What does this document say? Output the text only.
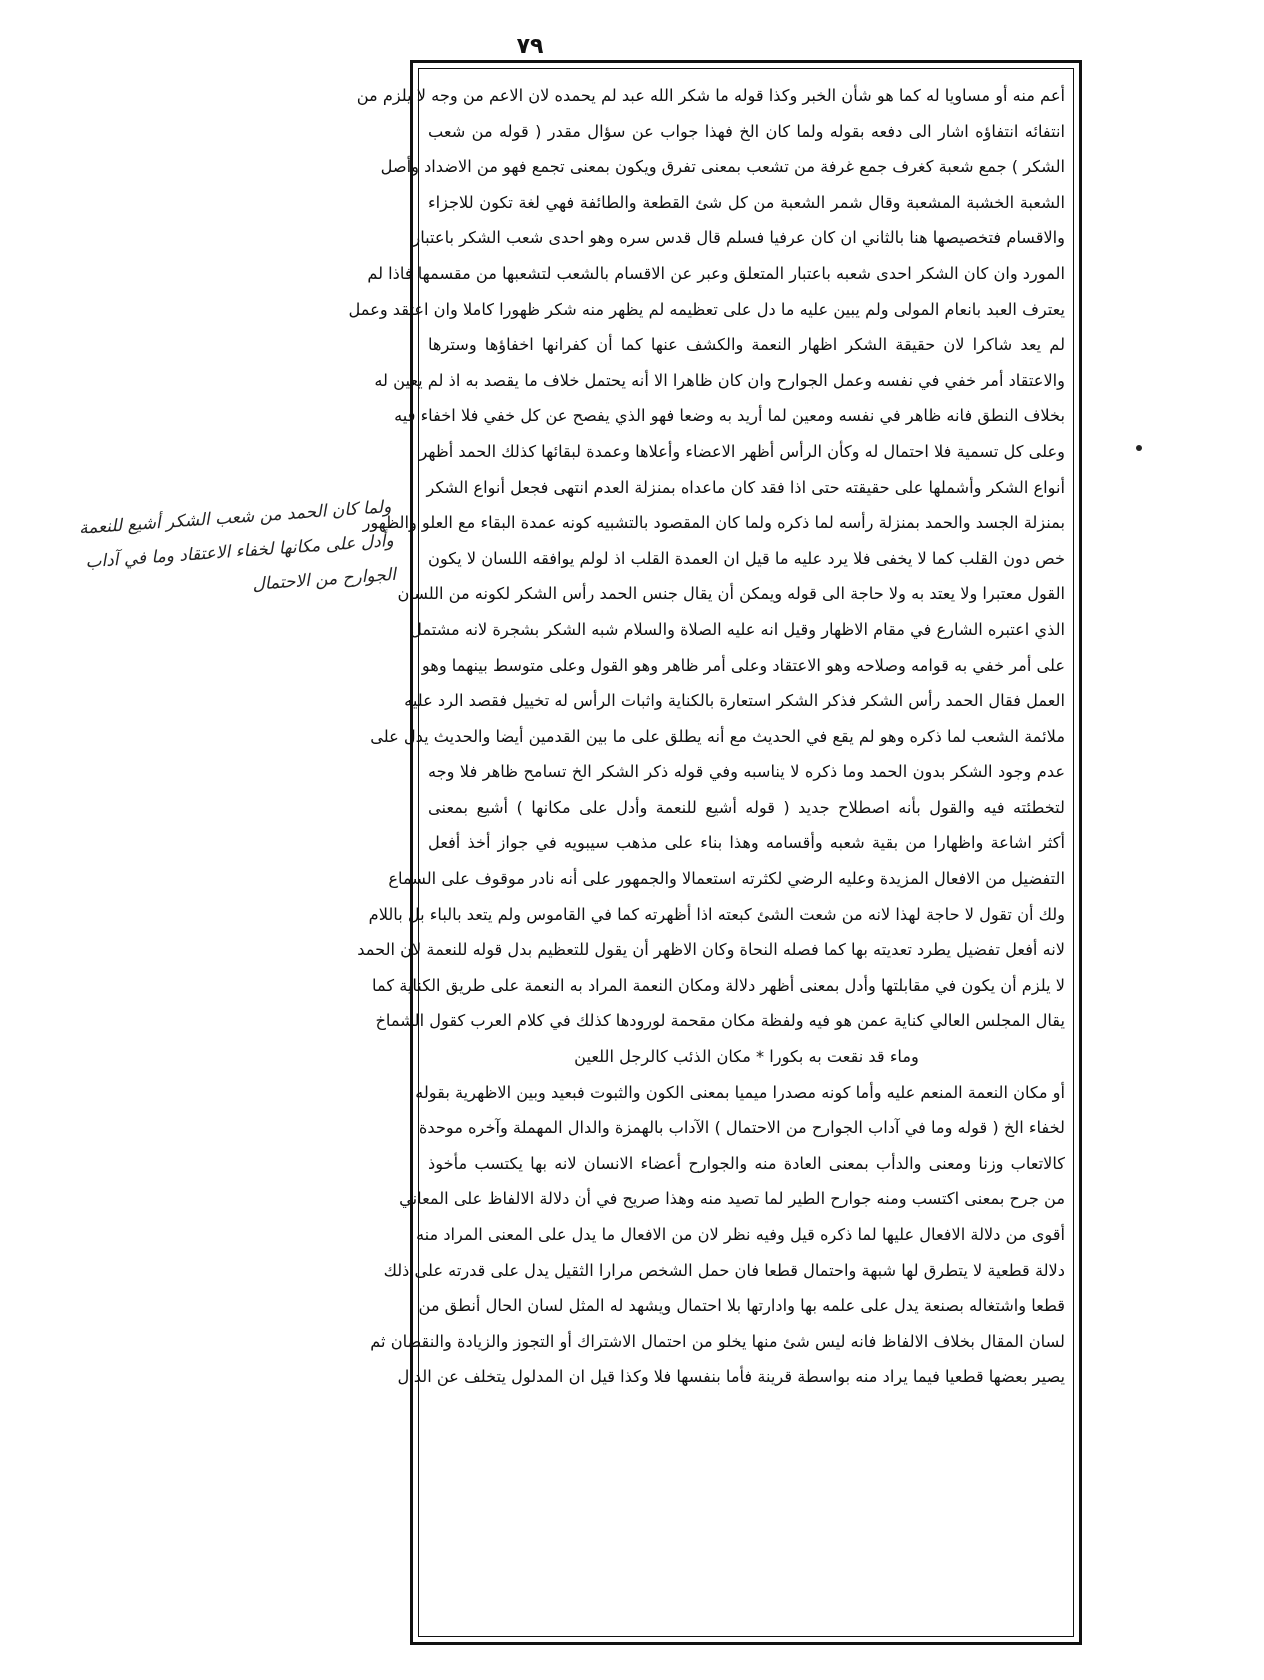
٧٩
أعم منه أو مساويا له كما هو شأن الخبر وكذا قوله ما شكر الله عبد لم يحمده لان الاعم من وجه لا يلزم من
انتفائه انتفاؤه اشار الى دفعه بقوله ولما كان الخ فهذا جواب عن سؤال مقدر ( قوله من شعب
الشكر ) جمع شعبة كغرف جمع غرفة من تشعب بمعنى تفرق ويكون بمعنى تجمع فهو من الاضداد وأصل
الشعبة الخشبة المشعبة وقال شمر الشعبة من كل شئ القطعة والطائفة فهي لغة تكون للاجزاء
والاقسام فتخصيصها هنا بالثاني ان كان عرفيا فسلم قال قدس سره وهو احدى شعب الشكر باعتبار
المورد وان كان الشكر احدى شعبه باعتبار المتعلق وعبر عن الاقسام بالشعب لتشعبها من مقسمها فاذا لم
يعترف العبد بانعام المولى ولم يبين عليه ما دل على تعظيمه لم يظهر منه شكر ظهورا كاملا وان اعتقد وعمل
لم يعد شاكرا لان حقيقة الشكر اظهار النعمة والكشف عنها كما أن كفرانها اخفاؤها وسترها
والاعتقاد أمر خفي في نفسه وعمل الجوارح وان كان ظاهرا الا أنه يحتمل خلاف ما يقصد به اذ لم يعين له
بخلاف النطق فانه ظاهر في نفسه ومعين لما أريد به وضعا فهو الذي يفصح عن كل خفي فلا اخفاء فيه
وعلى كل تسمية فلا احتمال له وكأن الرأس أظهر الاعضاء وأعلاها وعمدة لبقائها كذلك الحمد أظهر
أنواع الشكر وأشملها على حقيقته حتى اذا فقد كان ماعداه بمنزلة العدم انتهى فجعل أنواع الشكر
بمنزلة الجسد والحمد بمنزلة رأسه لما ذكره ولما كان المقصود بالتشبيه كونه عمدة البقاء مع العلو والظهور
خص دون القلب كما لا يخفى فلا يرد عليه ما قيل ان العمدة القلب اذ لولم يوافقه اللسان لا يكون
القول معتبرا ولا يعتد به ولا حاجة الى قوله ويمكن أن يقال جنس الحمد رأس الشكر لكونه من اللسان
الذي اعتبره الشارع في مقام الاظهار وقيل انه عليه الصلاة والسلام شبه الشكر بشجرة لانه مشتمل
على أمر خفي به قوامه وصلاحه وهو الاعتقاد وعلى أمر ظاهر وهو القول وعلى متوسط بينهما وهو
العمل فقال الحمد رأس الشكر فذكر الشكر استعارة بالكناية واثبات الرأس له تخييل فقصد الرد عليه
ملائمة الشعب لما ذكره وهو لم يقع في الحديث مع أنه يطلق على ما بين القدمين أيضا والحديث يدل على
عدم وجود الشكر بدون الحمد وما ذكره لا يناسبه وفي قوله ذكر الشكر الخ تسامح ظاهر فلا وجه
لتخطئته فيه والقول بأنه اصطلاح جديد ( قوله أشيع للنعمة وأدل على مكانها ) أشيع بمعنى
أكثر اشاعة واظهارا من بقية شعبه وأقسامه وهذا بناء على مذهب سيبويه في جواز أخذ أفعل
التفضيل من الافعال المزيدة وعليه الرضي لكثرته استعمالا والجمهور على أنه نادر موقوف على السماع
ولك أن تقول لا حاجة لهذا لانه من شعت الشئ كبعته اذا أظهرته كما في القاموس ولم يتعد بالباء بل باللام
لانه أفعل تفضيل يطرد تعديته بها كما فصله النحاة وكان الاظهر أن يقول للتعظيم بدل قوله للنعمة لان الحمد
لا يلزم أن يكون في مقابلتها وأدل بمعنى أظهر دلالة ومكان النعمة المراد به النعمة على طريق الكناية كما
يقال المجلس العالي كناية عمن هو فيه ولفظة مكان مقحمة لورودها كذلك في كلام العرب كقول الشماخ
وماء قد نقعت به بكورا * مكان الذئب كالرجل اللعين
أو مكان النعمة المنعم عليه وأما كونه مصدرا ميميا بمعنى الكون والثبوت فبعيد وبين الاظهرية بقوله
لخفاء الخ ( قوله وما في آداب الجوارح من الاحتمال ) الآداب بالهمزة والدال المهملة وآخره موحدة
كالاتعاب وزنا ومعنى والدأب بمعنى العادة منه والجوارح أعضاء الانسان لانه بها يكتسب مأخوذ
من جرح بمعنى اكتسب ومنه جوارح الطير لما تصيد منه وهذا صريح في أن دلالة الالفاظ على المعاني
أقوى من دلالة الافعال عليها لما ذكره قيل وفيه نظر لان من الافعال ما يدل على المعنى المراد منه
دلالة قطعية لا يتطرق لها شبهة واحتمال قطعا فان حمل الشخص مرارا الثقيل يدل على قدرته على ذلك
قطعا واشتغاله بصنعة يدل على علمه بها وادارتها بلا احتمال ويشهد له المثل لسان الحال أنطق من
لسان المقال بخلاف الالفاظ فانه ليس شئ منها يخلو من احتمال الاشتراك أو التجوز والزيادة والنقصان ثم
يصير بعضها قطعيا فيما يراد منه بواسطة قرينة فأما بنفسها فلا وكذا قيل ان المدلول يتخلف عن الدال
ولما كان الحمد من شعب الشكر أشيع للنعمة
وأدل على مكانها لخفاء الاعتقاد وما في آداب
الجوارح من الاحتمال
